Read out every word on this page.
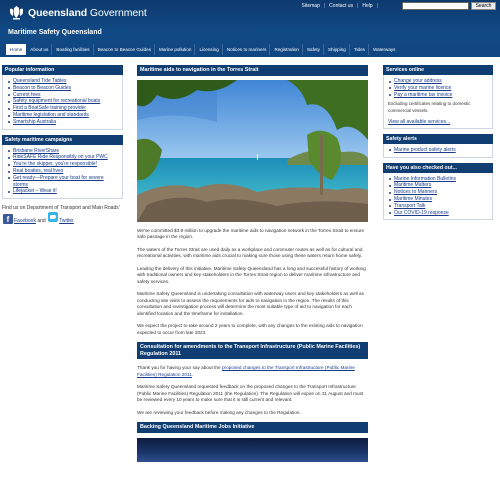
Queensland Government
Maritime Safety Queensland
Sitemap | Contact us | Help |	Search
Home	About us	Boating facilities	Beacon to Beacon Guides	Marine pollution	Licensing	Notices to mariners	Registration	Safety	Shipping	Tides	Waterways
Popular information
Queensland Tide Tables
Beacon to Beacon Guides
Current fees
Safety equipment for recreational boats
Find a BoatSafe training provider
Maritime legislation and standards
Smartship Australia
Safety maritime campaigns
Brisbane RiverShare
RideSAFE Ride Responsibly on your PWC
You're the skipper, you're responsible!
Real boaties, real lives
Get ready—Prepare your boat for severe storms
Lifejacket – Wear it!
Find us on Department of Transport and Main Roads' f Facebook and	Twitter
Maritime aids to navigation in the Torres Strait

We've committed $3.9 million to upgrade the maritime aids to navigation network in the Torres Strait to ensure safe passage in the region.

The waters of the Torres Strait are used daily as a workplace and commuter routes as well as for cultural and recreational activities, with maritime aids crucial to making sure those using these waters return home safely.

Leading the delivery of this initiative, Maritime Safety Queensland has a long and successful history of working with traditional owners and key stakeholders in the Torres Strait region to deliver maritime infrastructure and safety services.

Maritime Safety Queensland is undertaking consultation with waterway users and key stakeholders as well as conducting site visits to assess the requirements for aids to navigation in the region. The results of this consultation and investigation process will determine the most suitable type of aid to navigation for each identified location and the timeframe for installation.

We expect the project to take around 2 years to complete, with any changes to the existing aids to navigation expected to occur from late 2023.

Consultation for amendments to the Transport Infrastructure (Public Marine Facilities) Regulation 2011

Thank you for having your say about the proposed changes to the Transport Infrastructure (Public Marine Facilities) Regulation 2011.

Maritime Safety Queensland requested feedback on the proposed changes to the Transport Infrastructure (Public Marine Facilities) Regulation 2011 (the Regulation). The Regulation will expire on 31 August and must be reviewed every 10 years to make sure that it is still current and relevant.

We are reviewing your feedback before making any changes to the Regulation.

Backing Queensland Maritime Jobs Initiative
Services online
Change your address
Verify your marine licence
Pay a maritime tax invoice

Excluding certificates relating to domestic commercial vessels.

View all available services...
Safety alerts
Marine product safety alerts
Have you also checked out...
Marine Information Bulletins
Maritime Matters
Notices to Mariners
Maritime Minutes
Transport Talk
Our COVID-19 response
